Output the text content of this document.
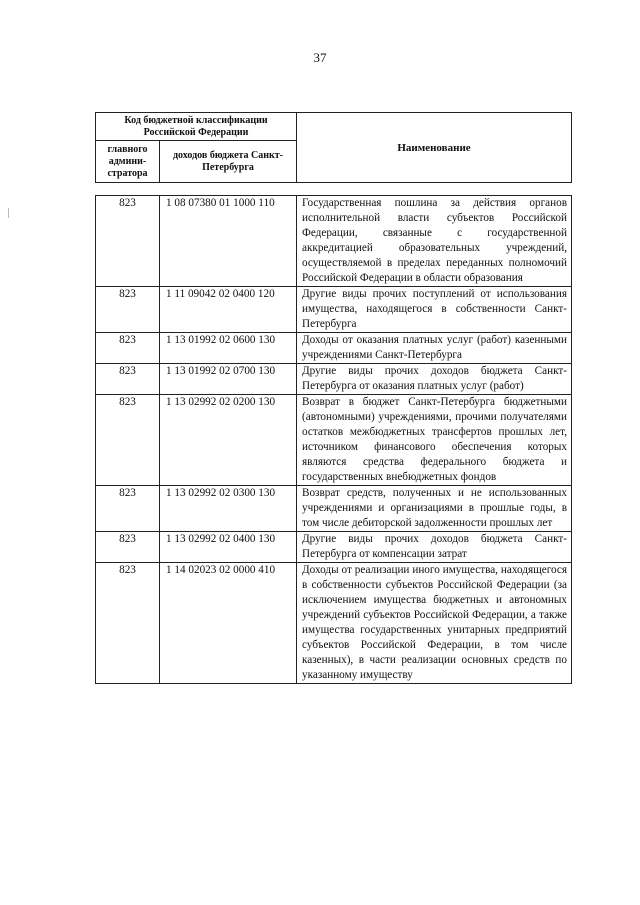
37
Код бюджетной классификации Российской Федерации		Наименование
главного админи-стратора	доходов бюджета Санкт-Петербурга	
823	1 08 07380 01 1000 110	Государственная пошлина за действия органов исполнительной власти субъектов Российской Федерации, связанные с государственной аккредитацией образовательных учреждений, осуществляемой в пределах переданных полномочий Российской Федерации в области образования
823	1 11 09042 02 0400 120	Другие виды прочих поступлений от использования имущества, находящегося в собственности Санкт-Петербурга
823	1 13 01992 02 0600 130	Доходы от оказания платных услуг (работ) казенными учреждениями Санкт-Петербурга
823	1 13 01992 02 0700 130	Другие виды прочих доходов бюджета Санкт-Петербурга от оказания платных услуг (работ)
823	1 13 02992 02 0200 130	Возврат в бюджет Санкт-Петербурга бюджетными (автономными) учреждениями, прочими получателями остатков межбюджетных трансфертов прошлых лет, источником финансового обеспечения которых являются средства федерального бюджета и государственных внебюджетных фондов
823	1 13 02992 02 0300 130	Возврат средств, полученных и не использованных учреждениями и организациями в прошлые годы, в том числе дебиторской задолженности прошлых лет
823	1 13 02992 02 0400 130	Другие виды прочих доходов бюджета Санкт-Петербурга от компенсации затрат
823	1 14 02023 02 0000 410	Доходы от реализации иного имущества, находящегося в собственности субъектов Российской Федерации (за исключением имущества бюджетных и автономных учреждений субъектов Российской Федерации, а также имущества государственных унитарных предприятий субъектов Российской Федерации, в том числе казенных), в части реализации основных средств по указанному имуществу
